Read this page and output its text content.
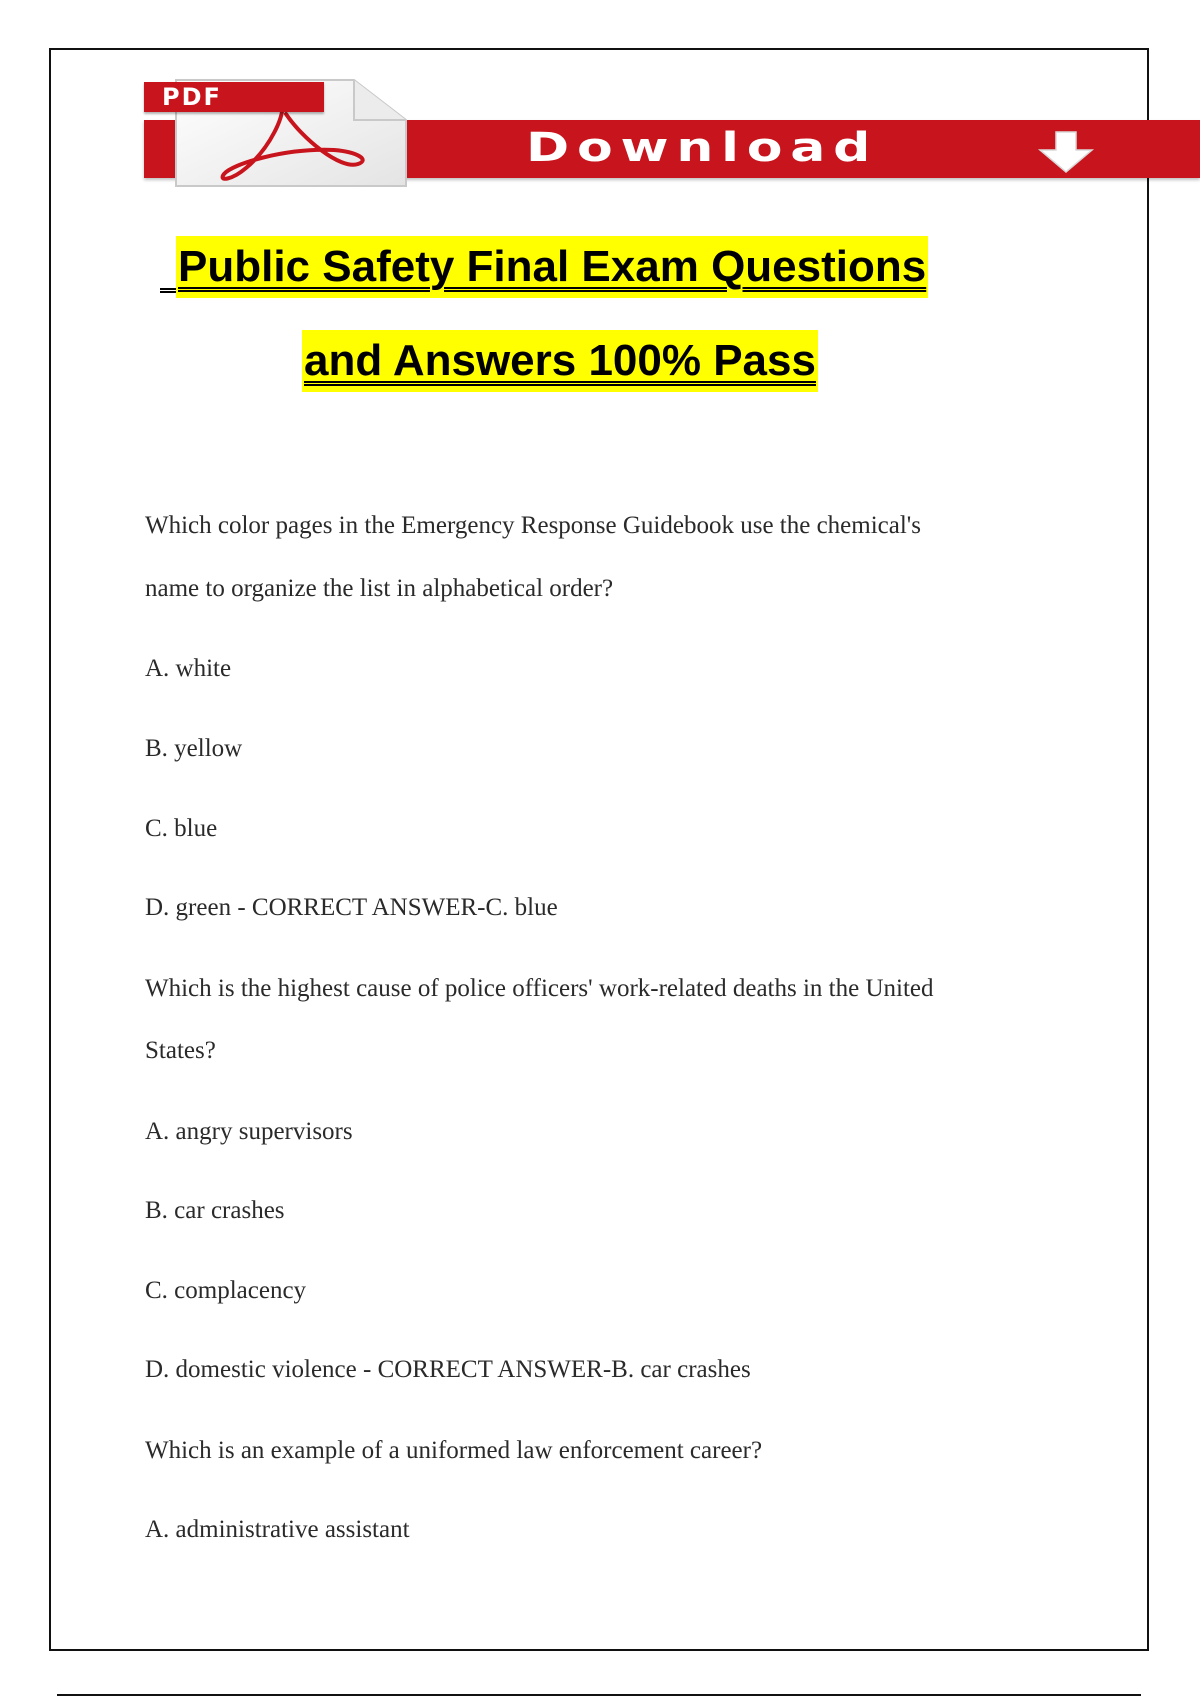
Download
PDF
Public Safety Final Exam Questions
and Answers 100% Pass
Which color pages in the Emergency Response Guidebook use the chemical's
name to organize the list in alphabetical order?
A. white
B. yellow
C. blue
D. green - CORRECT ANSWER-C. blue
Which is the highest cause of police officers' work-related deaths in the United
States?
A. angry supervisors
B. car crashes
C. complacency
D. domestic violence - CORRECT ANSWER-B. car crashes
Which is an example of a uniformed law enforcement career?
A. administrative assistant
